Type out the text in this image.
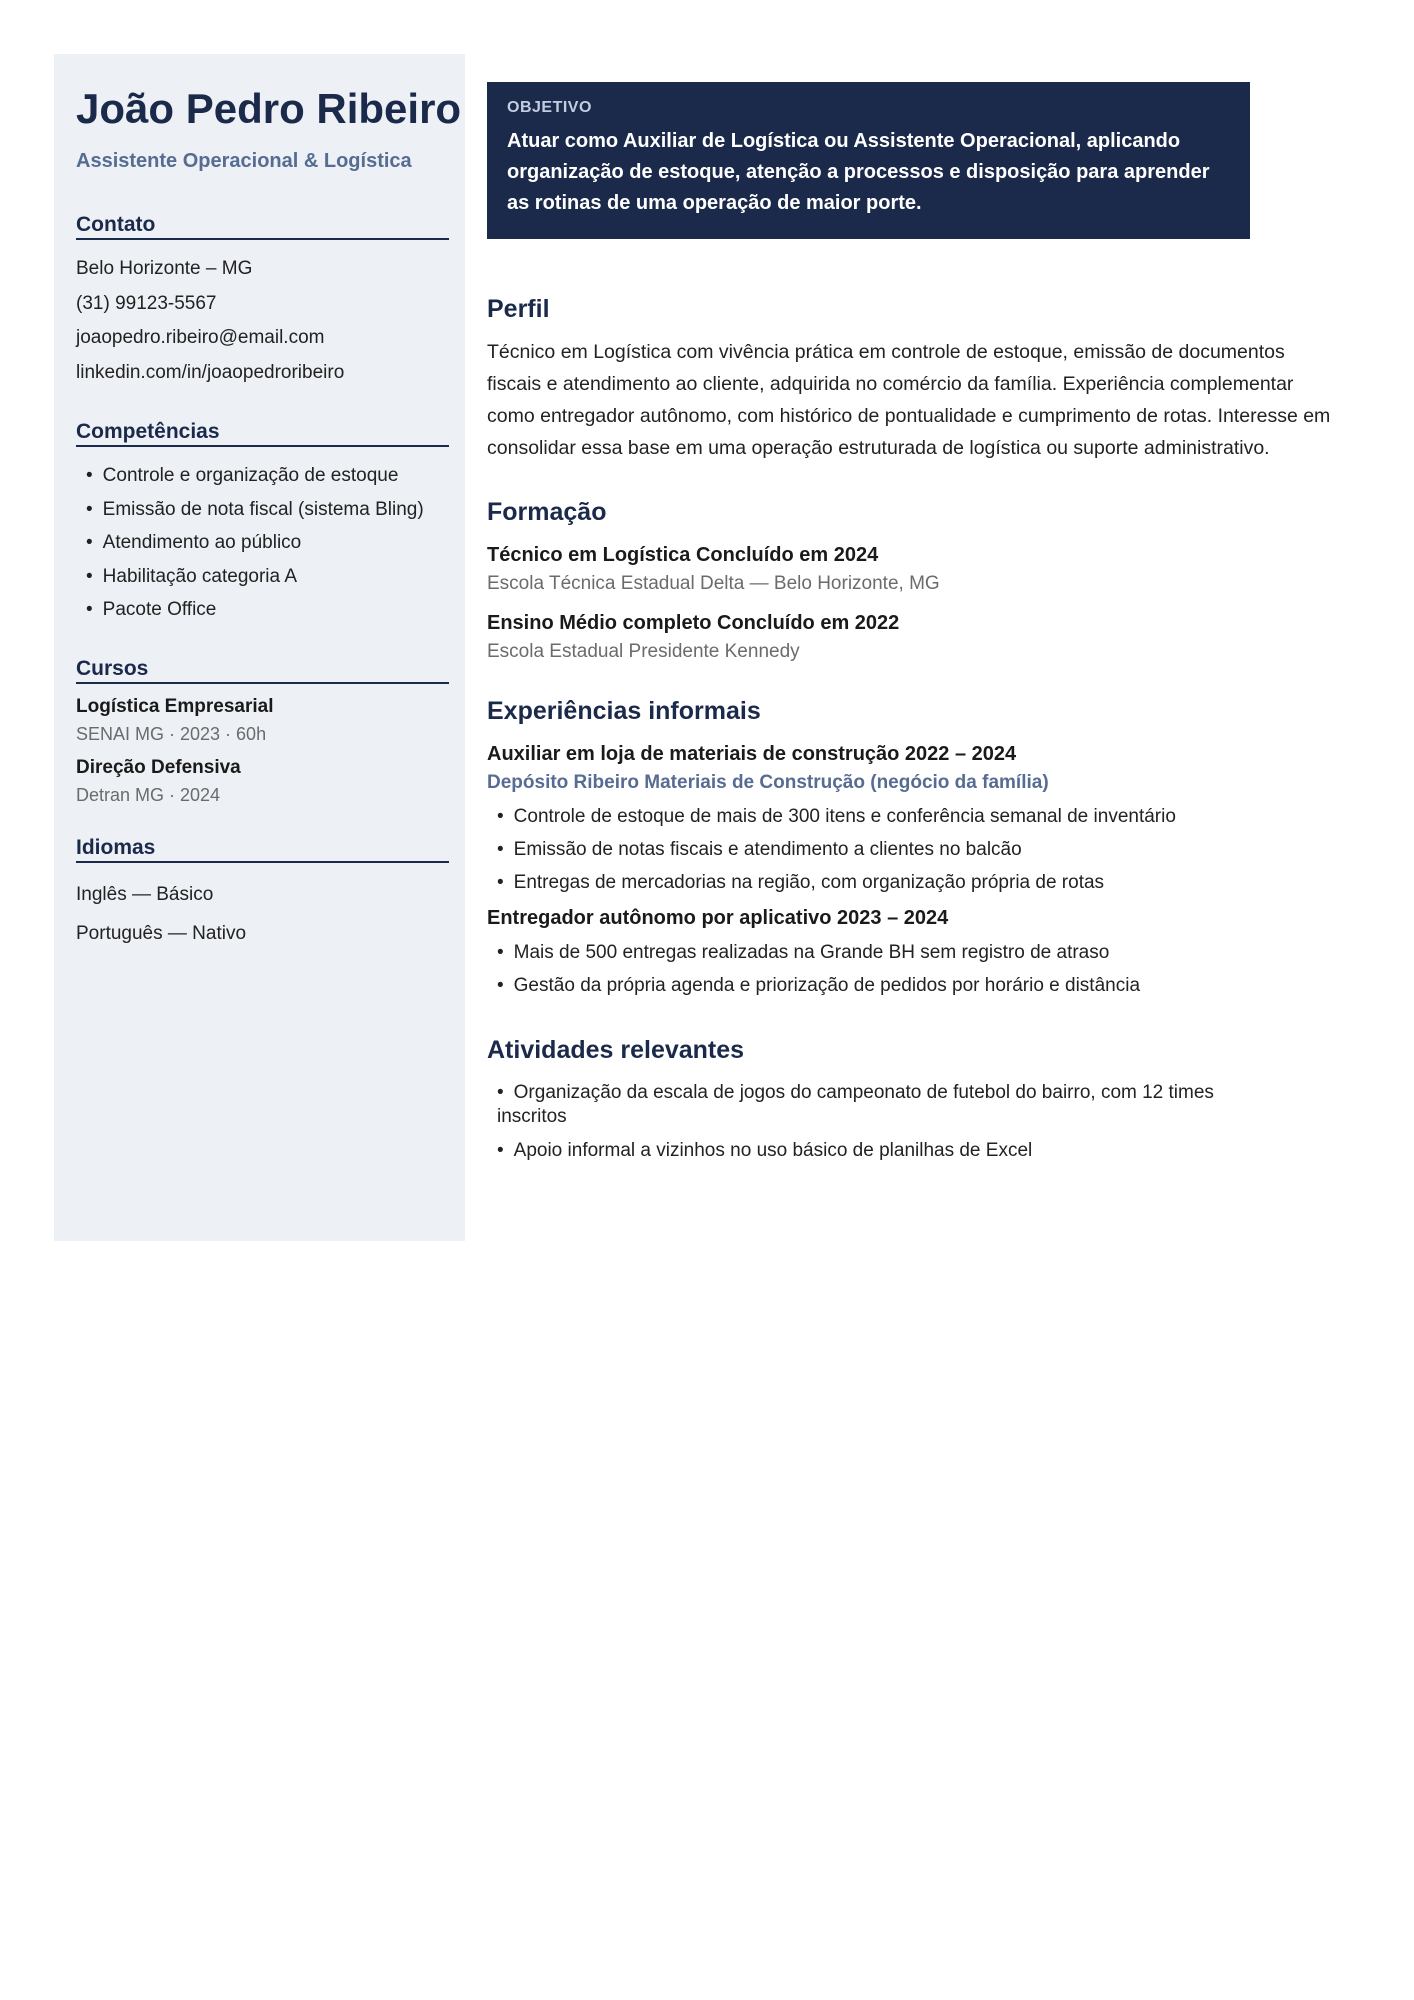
João Pedro Ribeiro
Assistente Operacional & Logística
Contato
Belo Horizonte – MG
(31) 99123-5567
joaopedro.ribeiro@email.com
linkedin.com/in/joaopedroribeiro
Competências
• Controle e organização de estoque
• Emissão de nota fiscal (sistema Bling)
• Atendimento ao público
• Habilitação categoria A
• Pacote Office
Cursos
Logística Empresarial
SENAI MG · 2023 · 60h
Direção Defensiva
Detran MG · 2024
Idiomas
Inglês — Básico
Português — Nativo
OBJETIVO
Atuar como Auxiliar de Logística ou Assistente Operacional, aplicando organização de estoque, atenção a processos e disposição para aprender as rotinas de uma operação de maior porte.
Perfil
Técnico em Logística com vivência prática em controle de estoque, emissão de documentos fiscais e atendimento ao cliente, adquirida no comércio da família. Experiência complementar como entregador autônomo, com histórico de pontualidade e cumprimento de rotas. Interesse em consolidar essa base em uma operação estruturada de logística ou suporte administrativo.
Formação
Técnico em Logística Concluído em 2024
Escola Técnica Estadual Delta — Belo Horizonte, MG
Ensino Médio completo Concluído em 2022
Escola Estadual Presidente Kennedy
Experiências informais
Auxiliar em loja de materiais de construção 2022 – 2024
Depósito Ribeiro Materiais de Construção (negócio da família)
• Controle de estoque de mais de 300 itens e conferência semanal de inventário
• Emissão de notas fiscais e atendimento a clientes no balcão
• Entregas de mercadorias na região, com organização própria de rotas
Entregador autônomo por aplicativo 2023 – 2024
• Mais de 500 entregas realizadas na Grande BH sem registro de atraso
• Gestão da própria agenda e priorização de pedidos por horário e distância
Atividades relevantes
• Organização da escala de jogos do campeonato de futebol do bairro, com 12 times inscritos
• Apoio informal a vizinhos no uso básico de planilhas de Excel
